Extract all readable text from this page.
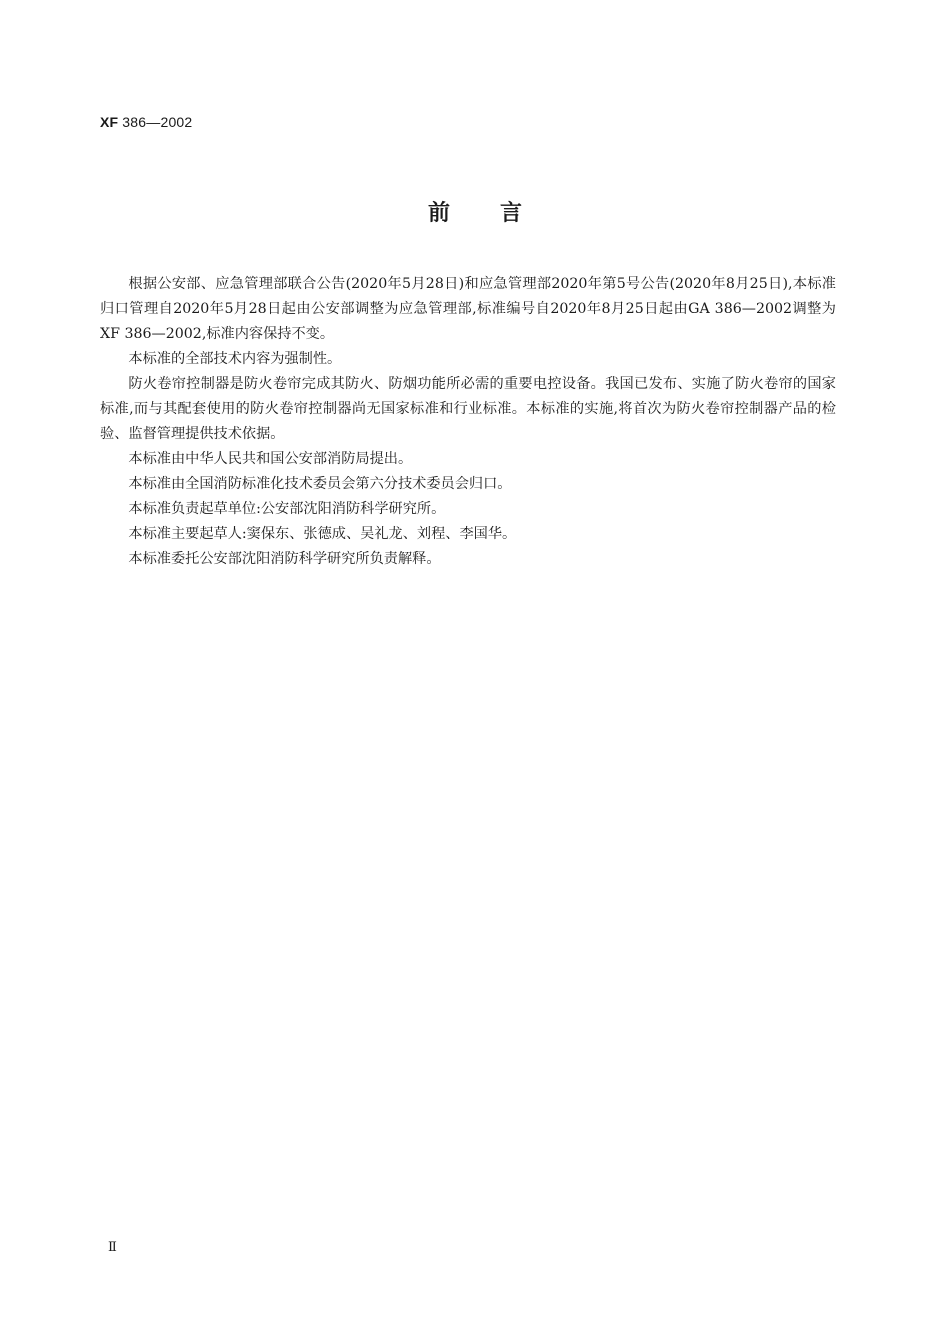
XF 386—2002
前言

根据公安部、应急管理部联合公告(2020年5月28日)和应急管理部2020年第5号公告(2020年8月25日),本标准归口管理自2020年5月28日起由公安部调整为应急管理部,标准编号自2020年8月25日起由GA 386—2002调整为XF 386—2002,标准内容保持不变。

本标准的全部技术内容为强制性。

防火卷帘控制器是防火卷帘完成其防火、防烟功能所必需的重要电控设备。我国已发布、实施了防火卷帘的国家标准,而与其配套使用的防火卷帘控制器尚无国家标准和行业标准。本标准的实施,将首次为防火卷帘控制器产品的检验、监督管理提供技术依据。

本标准由中华人民共和国公安部消防局提出。

本标准由全国消防标准化技术委员会第六分技术委员会归口。

本标准负责起草单位:公安部沈阳消防科学研究所。

本标准主要起草人:窦保东、张德成、吴礼龙、刘程、李国华。

本标准委托公安部沈阳消防科学研究所负责解释。

Ⅱ
